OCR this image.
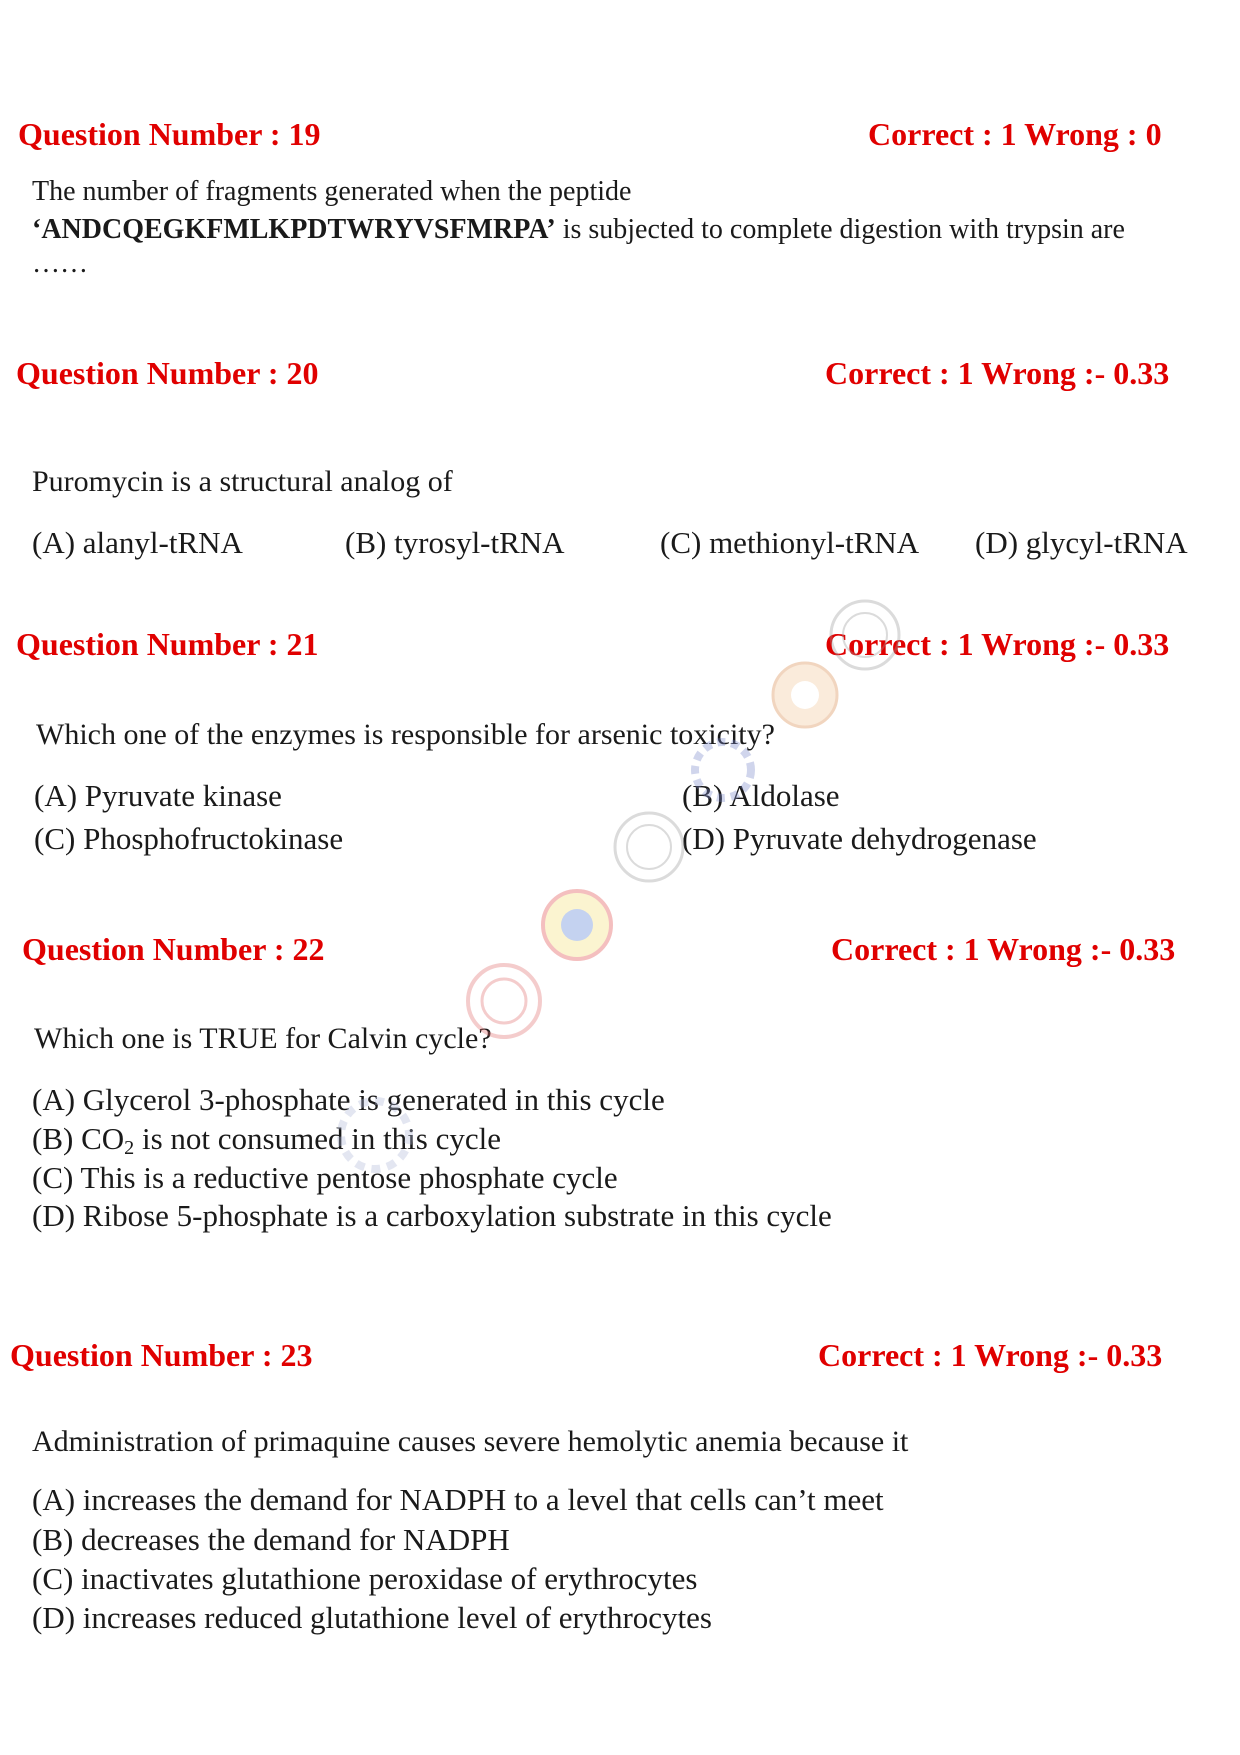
Question Number : 19	Correct : 1 Wrong : 0
The number of fragments generated when the peptide
‘ANDCQEGKFMLKPDTWRYVSFMRPA’ is subjected to complete digestion with trypsin are
……
Question Number : 20	Correct : 1 Wrong :- 0.33
Puromycin is a structural analog of
(A) alanyl-tRNA	(B) tyrosyl-tRNA	(C) methionyl-tRNA (D) glycyl-tRNA
Question Number : 21	Correct : 1 Wrong :- 0.33
Which one of the enzymes is responsible for arsenic toxicity?
(A) Pyruvate kinase	(B) Aldolase
(C) Phosphofructokinase	(D) Pyruvate dehydrogenase
Question Number : 22	Correct : 1 Wrong :- 0.33
Which one is TRUE for Calvin cycle?
(A) Glycerol 3-phosphate is generated in this cycle
(B) $CO_2$ is not consumed in this cycle
(C) This is a reductive pentose phosphate cycle
(D) Ribose 5-phosphate is a carboxylation substrate in this cycle
Question Number : 23	Correct : 1 Wrong :- 0.33
Administration of primaquine causes severe hemolytic anemia because it
(A) increases the demand for NADPH to a level that cells can’t meet
(B) decreases the demand for NADPH
(C) inactivates glutathione peroxidase of erythrocytes
(D) increases reduced glutathione level of erythrocytes
